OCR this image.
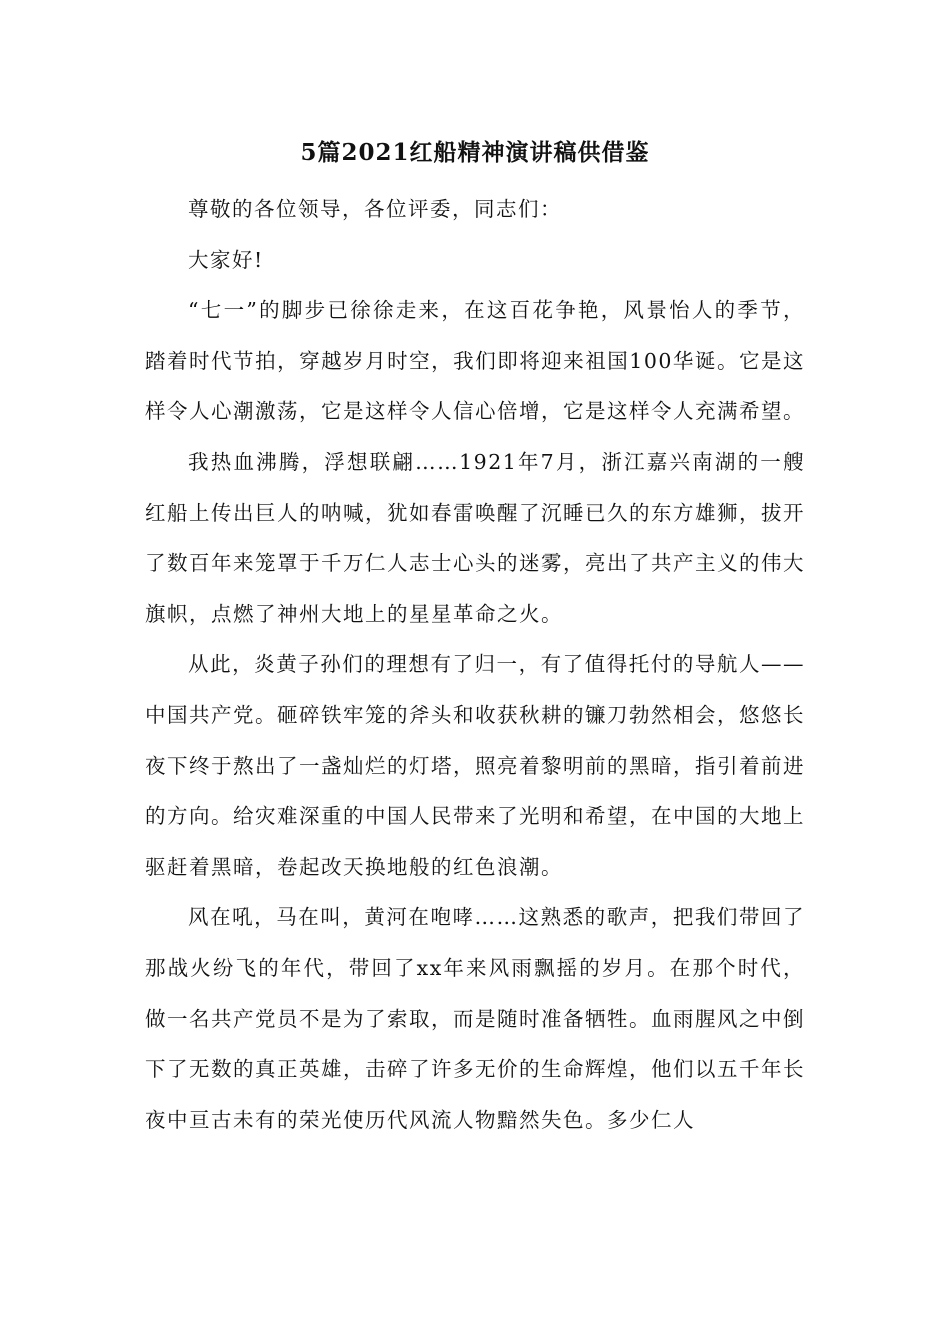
5篇2021红船精神演讲稿供借鉴

尊敬的各位领导，各位评委，同志们：

大家好!

“七一”的脚步已徐徐走来，在这百花争艳，风景怡人的季节，踏着时代节拍，穿越岁月时空，我们即将迎来祖国100华诞。它是这样令人心潮激荡，它是这样令人信心倍增，它是这样令人充满希望。

我热血沸腾，浮想联翩……1921年7月，浙江嘉兴南湖的一艘红船上传出巨人的呐喊，犹如春雷唤醒了沉睡已久的东方雄狮，拔开了数百年来笼罩于千万仁人志士心头的迷雾，亮出了共产主义的伟大旗帜，点燃了神州大地上的星星革命之火。

从此，炎黄子孙们的理想有了归一，有了值得托付的导航人——中国共产党。砸碎铁牢笼的斧头和收获秋耕的镰刀勃然相会，悠悠长夜下终于熬出了一盏灿烂的灯塔，照亮着黎明前的黑暗，指引着前进的方向。给灾难深重的中国人民带来了光明和希望，在中国的大地上驱赶着黑暗，卷起改天换地般的红色浪潮。

风在吼，马在叫，黄河在咆哮……这熟悉的歌声，把我们带回了那战火纷飞的年代，带回了xx年来风雨飘摇的岁月。在那个时代，做一名共产党员不是为了索取，而是随时准备牺牲。血雨腥风之中倒下了无数的真正英雄，击碎了许多无价的生命辉煌，他们以五千年长夜中亘古未有的荣光使历代风流人物黯然失色。多少仁人
